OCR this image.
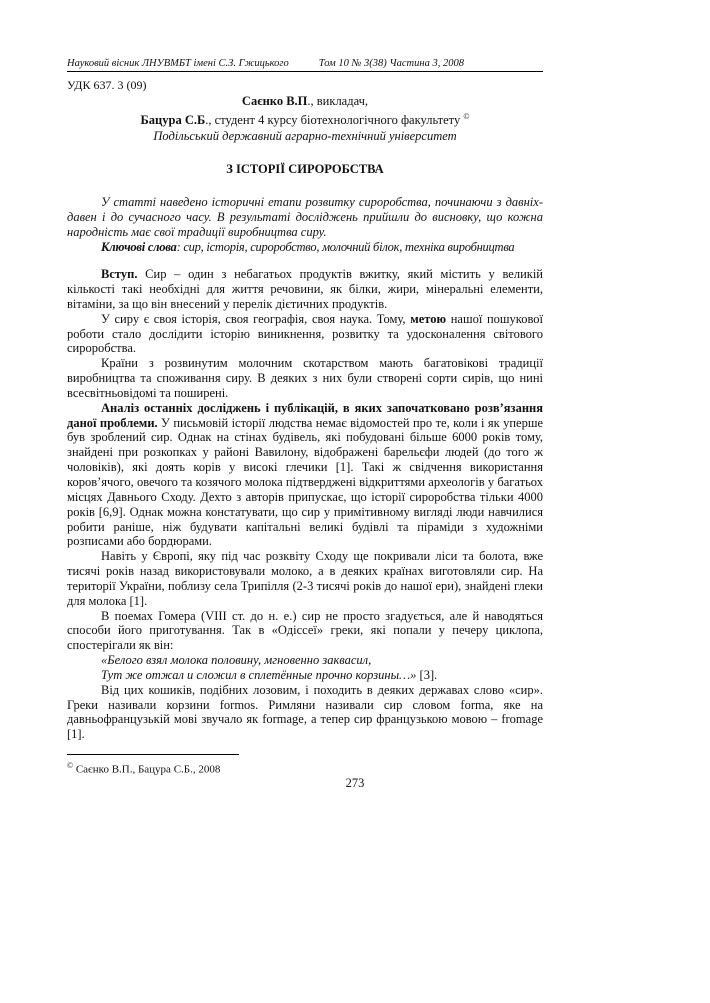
Науковий вісник ЛНУВМБТ імені С.З. Гжицького	Том 10 № 3(38) Частина 3, 2008
УДК 637. 3 (09)
Саєнко В.П., викладач,
Бацура С.Б., студент 4 курсу біотехнологічного факультету ©
Подільський державний аграрно-технічний університет
З ІСТОРІЇ СИРОРОБСТВА
У статті наведено історичні етапи розвитку сироробства, починаючи з давніх-давен і до сучасного часу. В результаті досліджень прийшли до висновку, що кожна народність має свої традиції виробництва сиру.
Ключові слова: сир, історія, сироробство, молочний білок, техніка виробництва

Вступ. Сир – один з небагатьох продуктів вжитку, який містить у великій кількості такі необхідні для життя речовини, як білки, жири, мінеральні елементи, вітаміни, за що він внесений у перелік дієтичних продуктів.

У сиру є своя історія, своя географія, своя наука. Тому, метою нашої пошукової роботи стало дослідити історію виникнення, розвитку та удосконалення світового сироробства.

Країни з розвинутим молочним скотарством мають багатовікові традиції виробництва та споживання сиру. В деяких з них були створені сорти сирів, що нині всесвітньовідомі та поширені.

Аналіз останніх досліджень і публікацій, в яких започатковано розв’язання даної проблеми. У письмовій історії людства немає відомостей про те, коли і як уперше був зроблений сир. Однак на стінах будівель, які побудовані більше 6000 років тому, знайдені при розкопках у районі Вавилону, відображені барельєфи людей (до того ж чоловіків), які доять корів у високі глечики [1]. Такі ж свідчення використання коров’ячого, овечого та козячого молока підтверджені відкриттями археологів у багатьох місцях Давнього Сходу. Дехто з авторів припускає, що історії сироробства тільки 4000 років [6,9]. Однак можна констатувати, що сир у примітивному вигляді люди навчилися робити раніше, ніж будувати капітальні великі будівлі та піраміди з художніми розписами або бордюрами.

Навіть у Європі, яку під час розквіту Сходу ще покривали ліси та болота, вже тисячі років назад використовували молоко, а в деяких країнах виготовляли сир. На території України, поблизу села Трипілля (2-3 тисячі років до нашої ери), знайдені глеки для молока [1].

В поемах Гомера (VIII ст. до н. е.) сир не просто згадується, але й наводяться способи його приготування. Так в «Одіссеї» греки, які попали у печеру циклопа, спостерігали як він:

«Белого взял молока половину, мгновенно заквасил,

Тут же отжал и сложил в сплетённые прочно корзины…» [3].

Від цих кошиків, подібних лозовим, і походить в деяких державах слово «сир». Греки називали корзини formos. Римляни називали сир словом forma, яке на давньофранцузькій мові звучало як formage, а тепер сир французькою мовою – fromage [1].

© Саєнко В.П., Бацура С.Б., 2008
273
